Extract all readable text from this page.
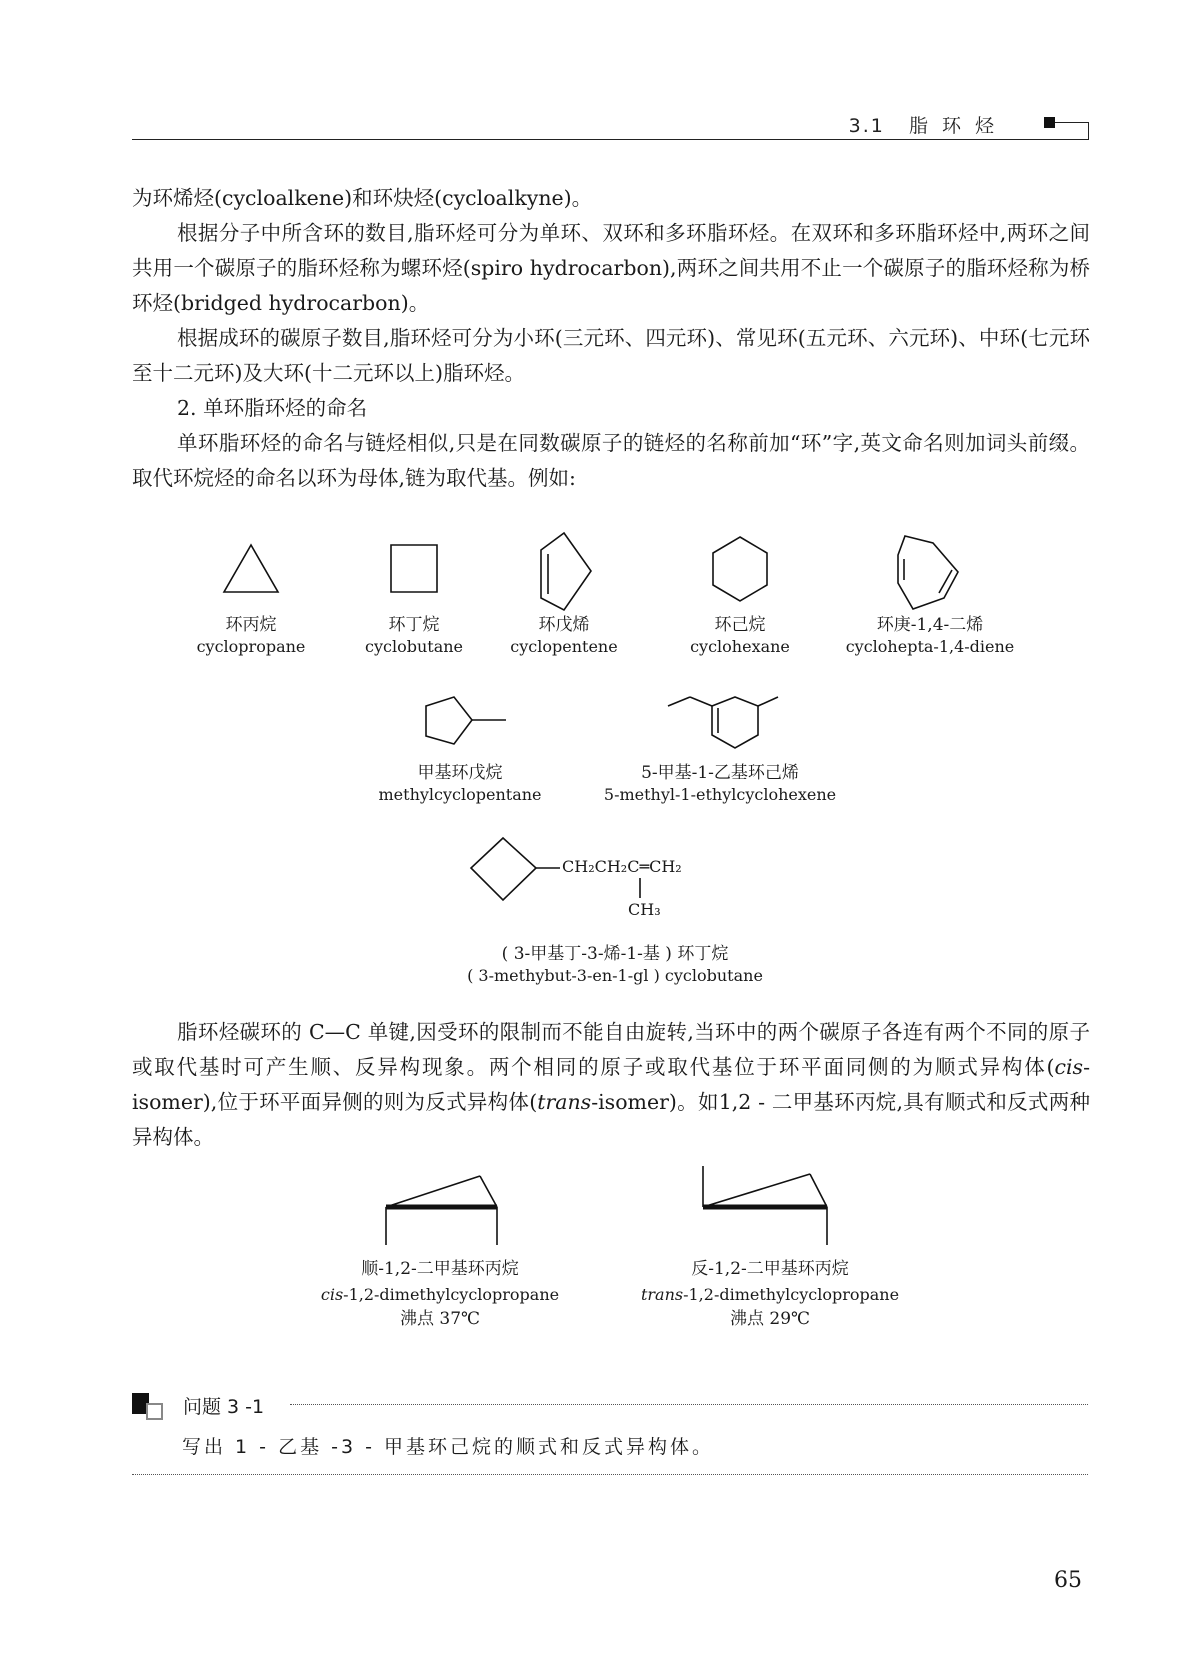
3.1 脂环烃

为环烯烃(cycloalkene)和环炔烃(cycloalkyne)。

根据分子中所含环的数目,脂环烃可分为单环、双环和多环脂环烃。在双环和多环脂环烃中,两环之间共用一个碳原子的脂环烃称为螺环烃(spiro hydrocarbon),两环之间共用不止一个碳原子的脂环烃称为桥环烃(bridged hydrocarbon)。

根据成环的碳原子数目,脂环烃可分为小环(三元环、四元环)、常见环(五元环、六元环)、中环(七元环至十二元环)及大环(十二元环以上)脂环烃。

2. 单环脂环烃的命名

单环脂环烃的命名与链烃相似,只是在同数碳原子的链烃的名称前加“环”字,英文命名则加词头前缀。取代环烷烃的命名以环为母体,链为取代基。例如:

环丙烷
cyclopropane
环丁烷
cyclobutane
环戊烯
cyclopentene
环己烷
cyclohexane
环庚-1,4-二烯
cyclohepta-1,4-diene
甲基环戊烷
methylcyclopentane
5-甲基-1-乙基环己烯
5-methyl-1-ethylcyclohexene
CH₂CH₂C═CH₂
CH₃
( 3-甲基丁-3-烯-1-基 ) 环丁烷
( 3-methybut-3-en-1-gl ) cyclobutane
脂环烃碳环的 C—C 单键,因受环的限制而不能自由旋转,当环中的两个碳原子各连有两个不同的原子或取代基时可产生顺、反异构现象。两个相同的原子或取代基位于环平面同侧的为顺式异构体(cis-isomer),位于环平面异侧的则为反式异构体(trans-isomer)。如1,2 - 二甲基环丙烷,具有顺式和反式两种异构体。
顺-1,2-二甲基环丙烷
cis-1,2-dimethylcyclopropane
沸点 37℃
反-1,2-二甲基环丙烷
trans-1,2-dimethylcyclopropane
沸点 29℃
问题 3 -1
写出 1 - 乙基 -3 - 甲基环己烷的顺式和反式异构体。
65
